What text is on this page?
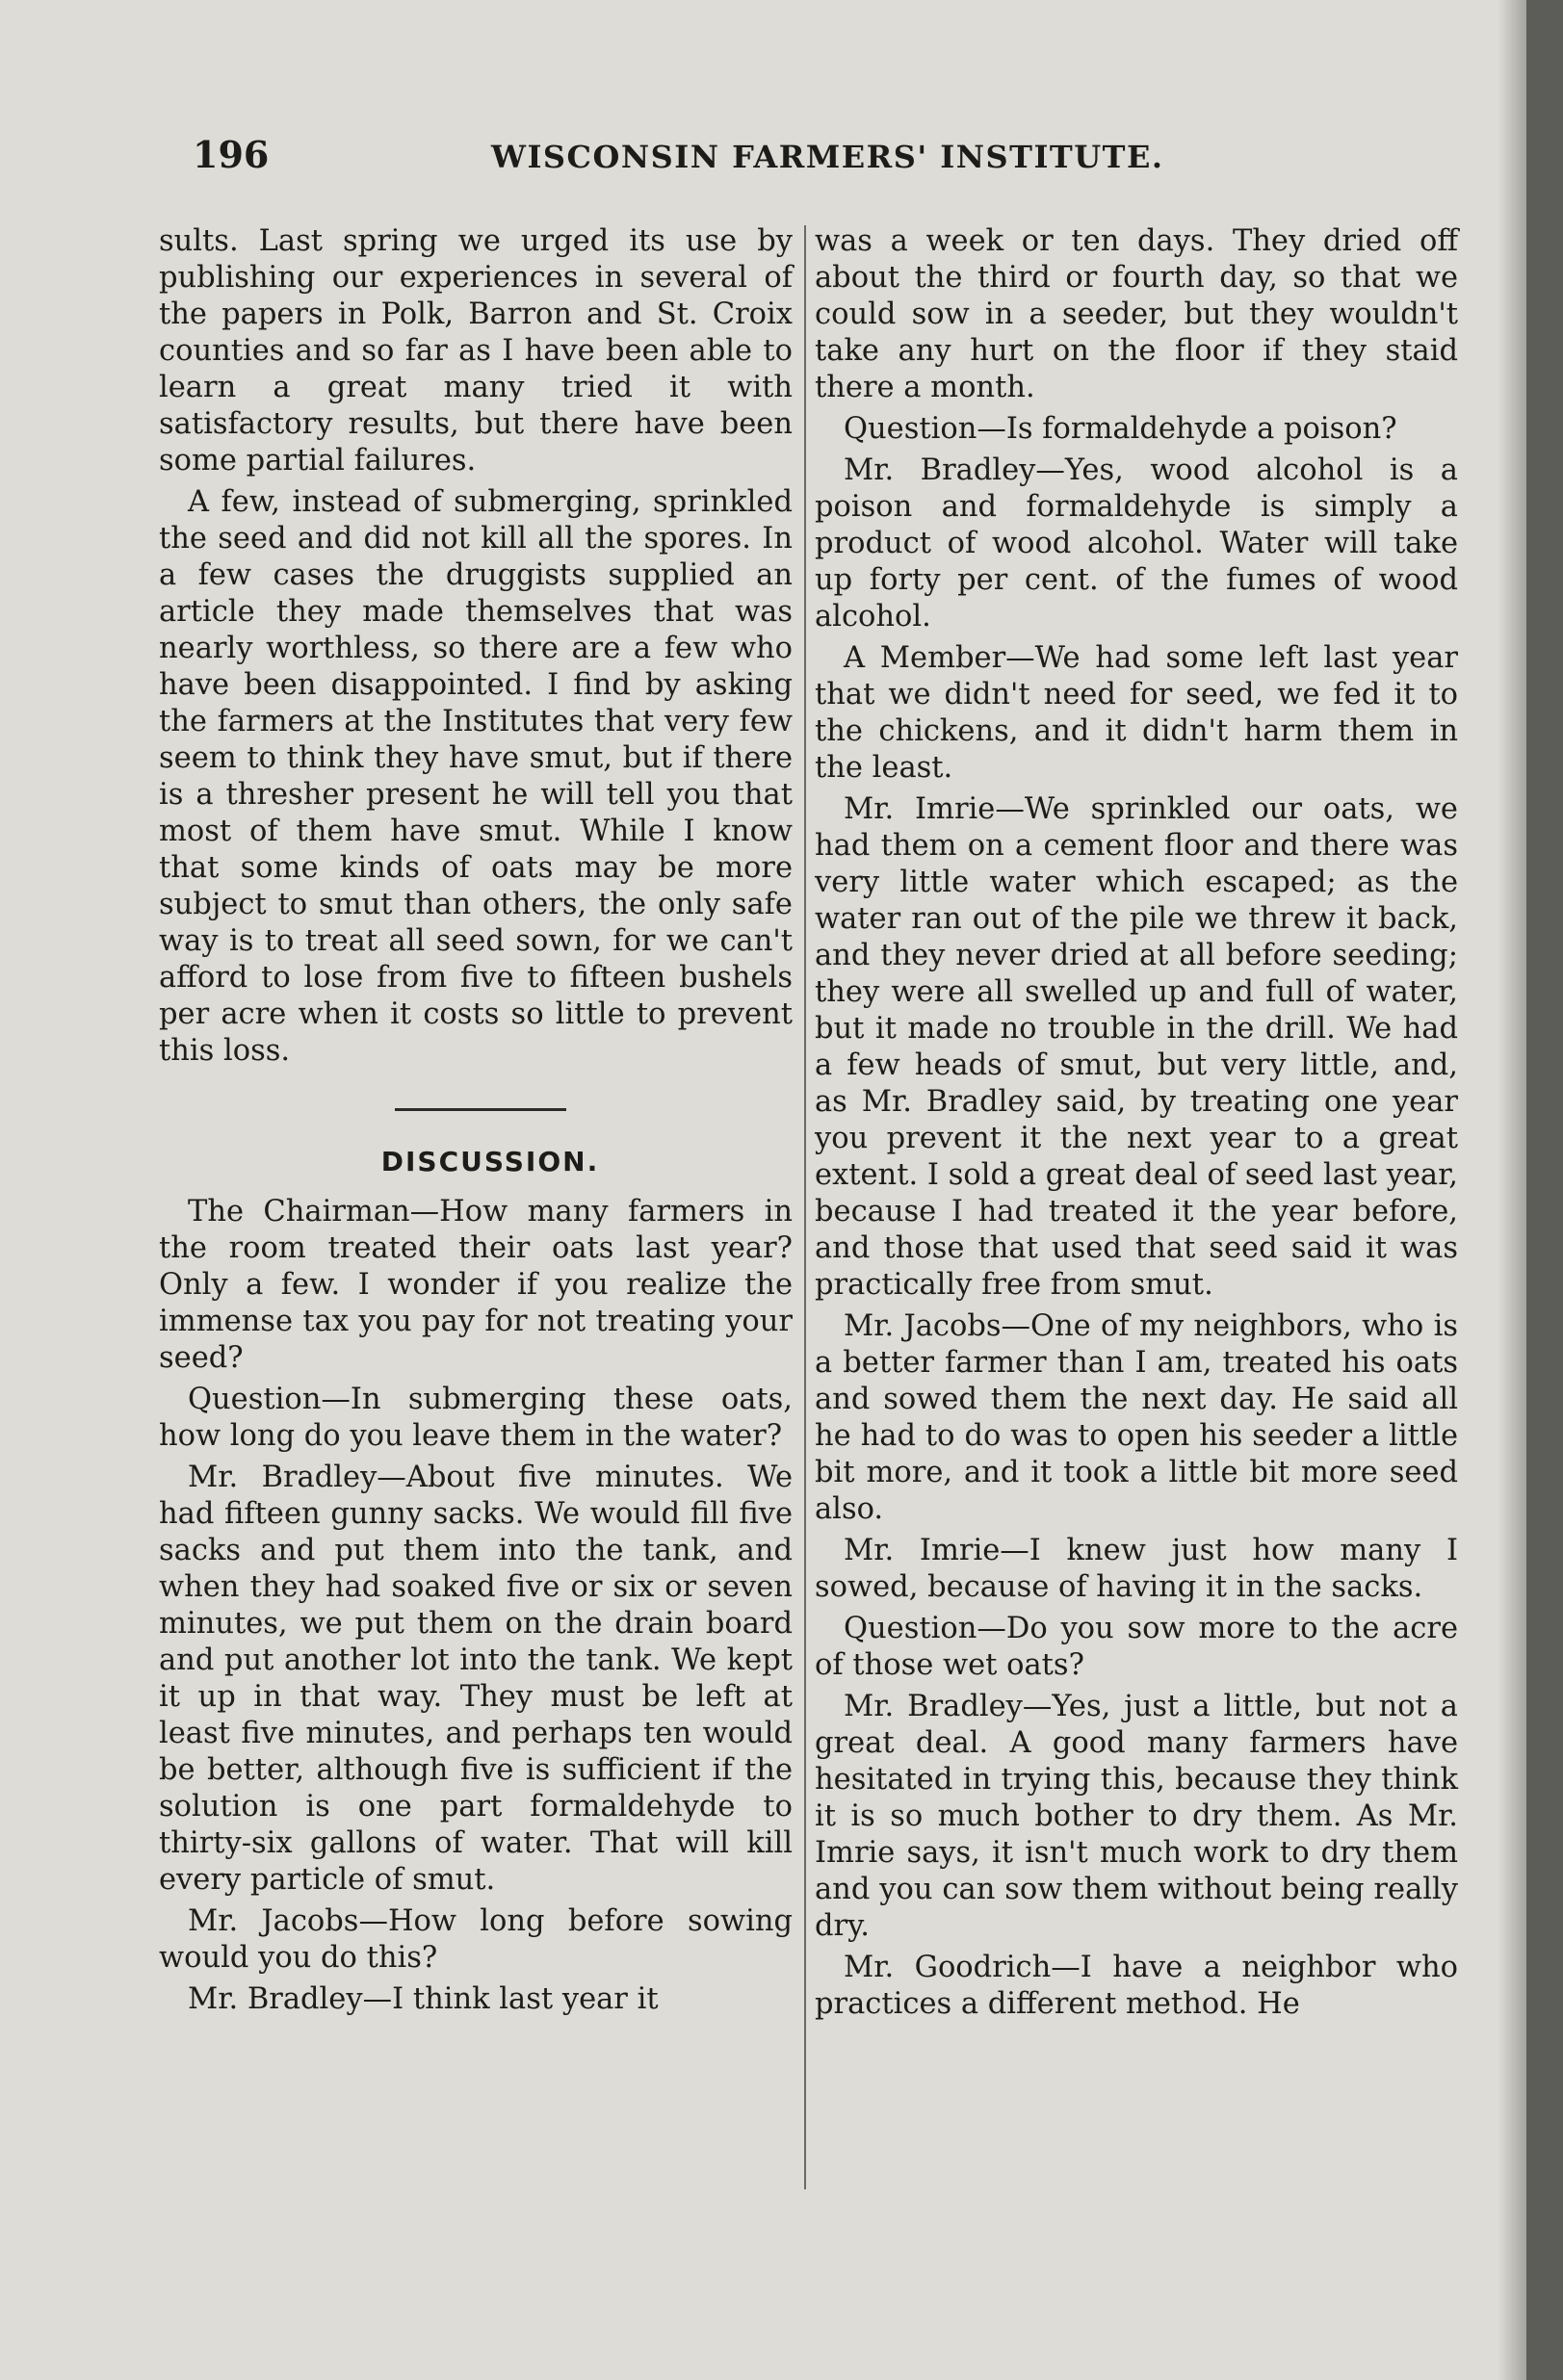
196	WISCONSIN FARMERS' INSTITUTE.

sults. Last spring we urged its use by publishing our experiences in several of the papers in Polk, Barron and St. Croix counties and so far as I have been able to learn a great many tried it with satisfactory results, but there have been some partial failures.

A few, instead of submerging, sprinkled the seed and did not kill all the spores. In a few cases the druggists supplied an article they made themselves that was nearly worthless, so there are a few who have been disappointed. I find by asking the farmers at the Institutes that very few seem to think they have smut, but if there is a thresher present he will tell you that most of them have smut. While I know that some kinds of oats may be more subject to smut than others, the only safe way is to treat all seed sown, for we can't afford to lose from five to fifteen bushels per acre when it costs so little to prevent this loss.

DISCUSSION.

The Chairman—How many farmers in the room treated their oats last year? Only a few. I wonder if you realize the immense tax you pay for not treating your seed?

Question—In submerging these oats, how long do you leave them in the water?

Mr. Bradley—About five minutes. We had fifteen gunny sacks. We would fill five sacks and put them into the tank, and when they had soaked five or six or seven minutes, we put them on the drain board and put another lot into the tank. We kept it up in that way. They must be left at least five minutes, and perhaps ten would be better, although five is sufficient if the solution is one part formaldehyde to thirty-six gallons of water. That will kill every particle of smut.

Mr. Jacobs—How long before sowing would you do this?

Mr. Bradley—I think last year it

was a week or ten days. They dried off about the third or fourth day, so that we could sow in a seeder, but they wouldn't take any hurt on the floor if they staid there a month.

Question—Is formaldehyde a poison?

Mr. Bradley—Yes, wood alcohol is a poison and formaldehyde is simply a product of wood alcohol. Water will take up forty per cent. of the fumes of wood alcohol.

A Member—We had some left last year that we didn't need for seed, we fed it to the chickens, and it didn't harm them in the least.

Mr. Imrie—We sprinkled our oats, we had them on a cement floor and there was very little water which escaped; as the water ran out of the pile we threw it back, and they never dried at all before seeding; they were all swelled up and full of water, but it made no trouble in the drill. We had a few heads of smut, but very little, and, as Mr. Bradley said, by treating one year you prevent it the next year to a great extent. I sold a great deal of seed last year, because I had treated it the year before, and those that used that seed said it was practically free from smut.

Mr. Jacobs—One of my neighbors, who is a better farmer than I am, treated his oats and sowed them the next day. He said all he had to do was to open his seeder a little bit more, and it took a little bit more seed also.

Mr. Imrie—I knew just how many I sowed, because of having it in the sacks.

Question—Do you sow more to the acre of those wet oats?

Mr. Bradley—Yes, just a little, but not a great deal. A good many farmers have hesitated in trying this, because they think it is so much bother to dry them. As Mr. Imrie says, it isn't much work to dry them and you can sow them without being really dry.

Mr. Goodrich—I have a neighbor who practices a different method. He
